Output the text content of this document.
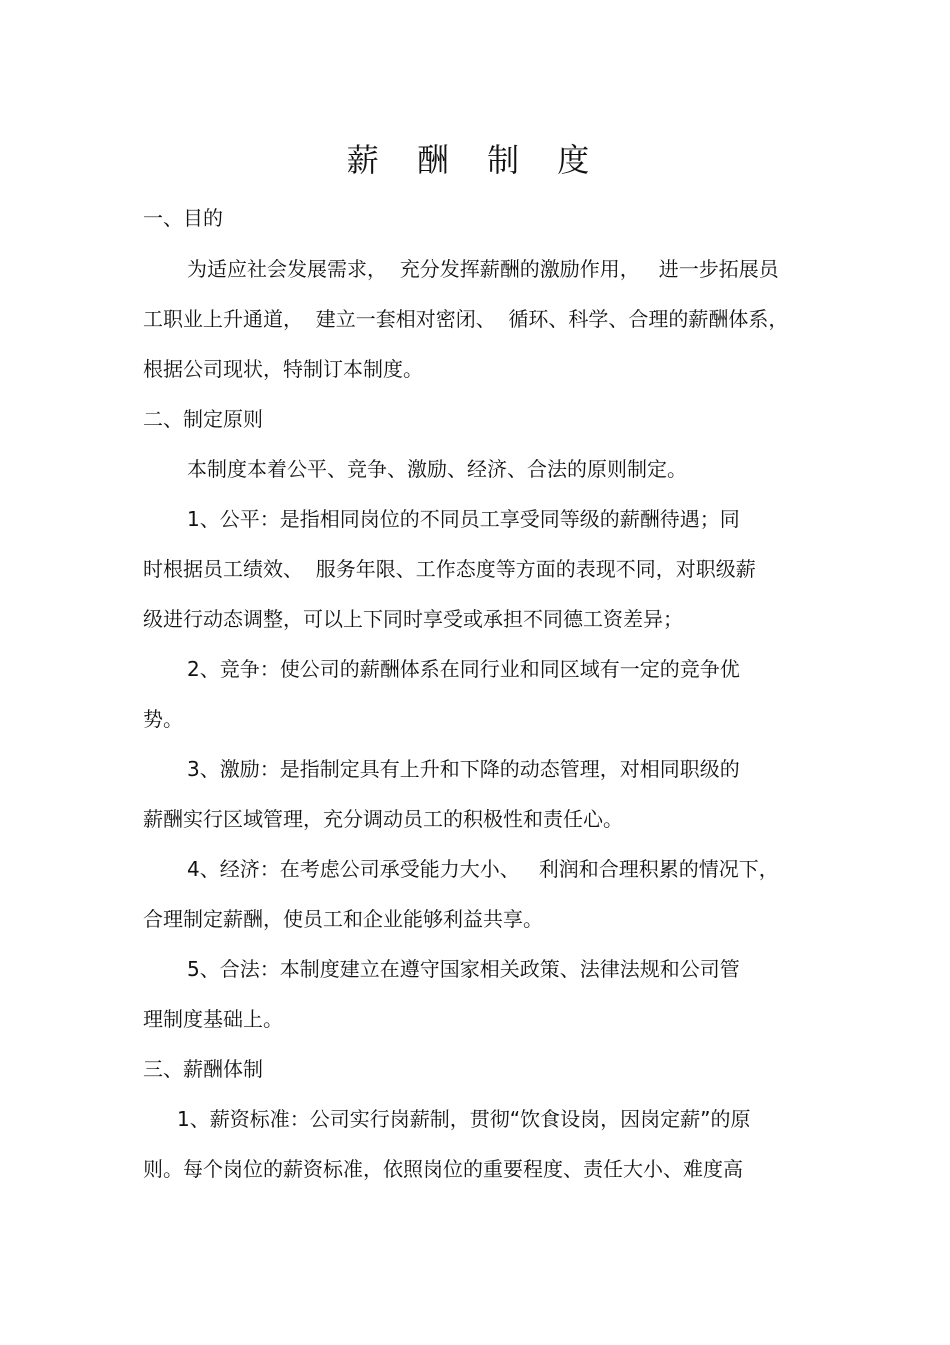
薪 酬 制 度
一、目的
为适应社会发展需求，  充分发挥薪酬的激励作用，   进一步拓展员
工职业上升通道，  建立一套相对密闭、  循环、科学、合理的薪酬体系，
根据公司现状，特制订本制度。
二、制定原则
本制度本着公平、竞争、激励、经济、合法的原则制定。
1、公平：是指相同岗位的不同员工享受同等级的薪酬待遇；同
时根据员工绩效、  服务年限、工作态度等方面的表现不同，对职级薪
级进行动态调整，可以上下同时享受或承担不同德工资差异；
2、竞争：使公司的薪酬体系在同行业和同区域有一定的竞争优
势。
3、激励：是指制定具有上升和下降的动态管理，对相同职级的
薪酬实行区域管理，充分调动员工的积极性和责任心。
4、经济：在考虑公司承受能力大小、   利润和合理积累的情况下，
合理制定薪酬，使员工和企业能够利益共享。
5、合法：本制度建立在遵守国家相关政策、法律法规和公司管
理制度基础上。
三、薪酬体制
1、薪资标准：公司实行岗薪制，贯彻“饮食设岗，因岗定薪”的原
则。每个岗位的薪资标准，依照岗位的重要程度、责任大小、难度高
